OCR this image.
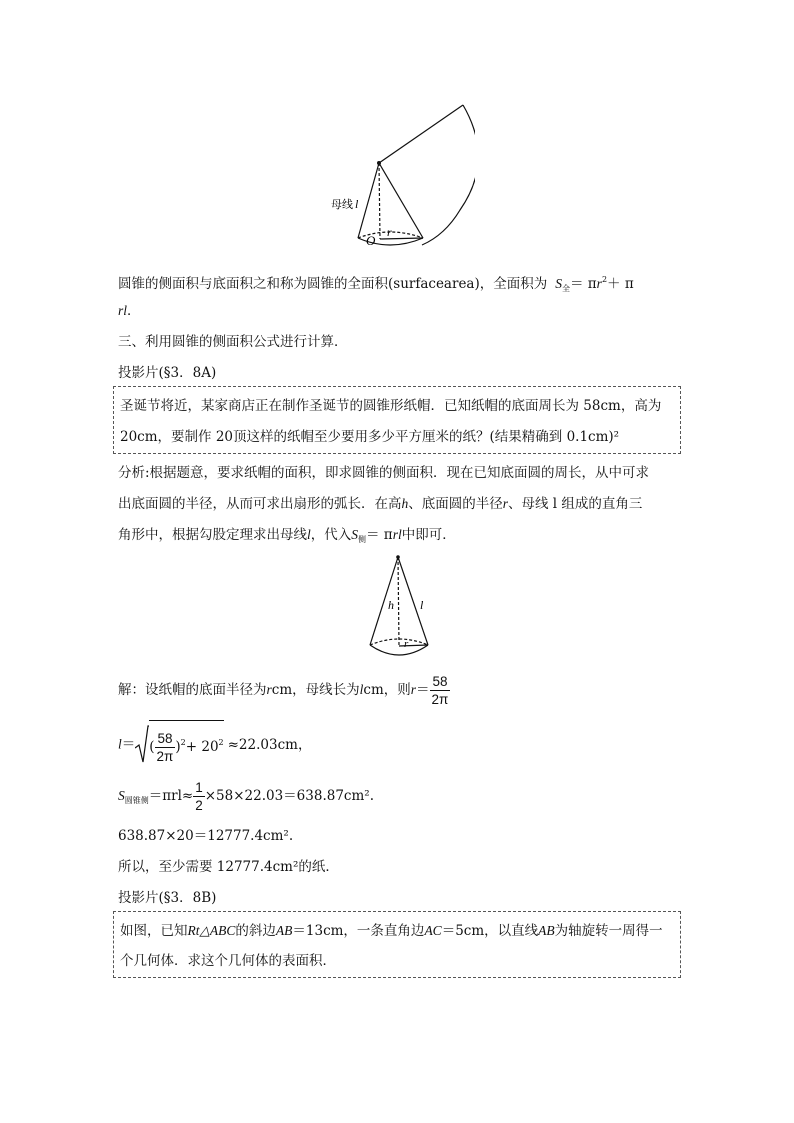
母线 l
O
r
圆锥的侧面积与底面积之和称为圆锥的全面积(surfacearea)，全面积为 $S_全= \pi r^2+ \pi$
rl．
三、利用圆锥的侧面积公式进行计算．
投影片(§3．8A)
圣诞节将近，某家商店正在制作圣诞节的圆锥形纸帽．已知纸帽的底面周长为 58cm，高为
20cm，要制作 20顶这样的纸帽至少要用多少平方厘米的纸？(结果精确到 0.1cm)²
分析:根据题意，要求纸帽的面积，即求圆锥的侧面积．现在已知底面圆的周长，从中可求
出底面圆的半径，从而可求出扇形的弧长．在高h、底面圆的半径r、母线 l 组成的直角三
角形中，根据勾股定理求出母线l，代入$S_侧= \pi rl$中即可．
h l
r
解：设纸帽的底面半径为rcm，母线长为lcm，则$r= \frac{58}{2\pi}$
l＝ ( $\frac{58}{2\pi} )^2+ 20^2 \approx 22.03cm$，
$S_{圆锥侧}=\pi rl\approx \frac{1}{2} \times 58\times 22.03=638.87cm^2$.
638.87×20＝12777.4cm².
所以，至少需要 12777.4cm²的纸．
投影片(§3．8B)
如图，已知Rt△ABC的斜边AB＝13cm，一条直角边AC＝5cm，以直线AB为轴旋转一周得一
个几何体．求这个几何体的表面积．
